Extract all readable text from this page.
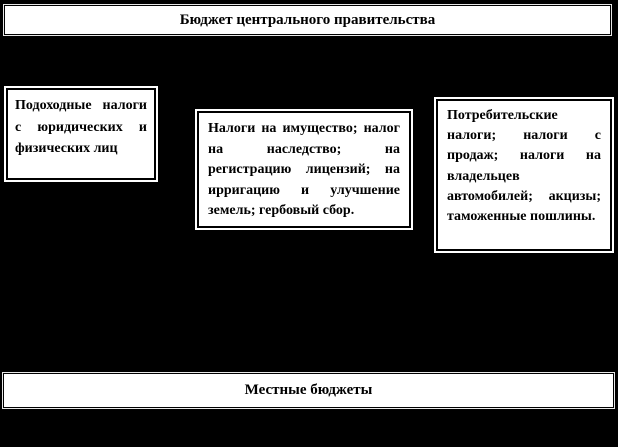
Бюджет центрального правительства
Подоходные налоги с юридических и физических лиц
Налоги на имущество; налог на наследство; на регистрацию лицензий; на ирригацию и улучшение земель; гербовый сбор.
Потребительские налоги; налоги с продаж; налоги на владельцев автомобилей; акцизы; таможенные пошлины.
Местные бюджеты
